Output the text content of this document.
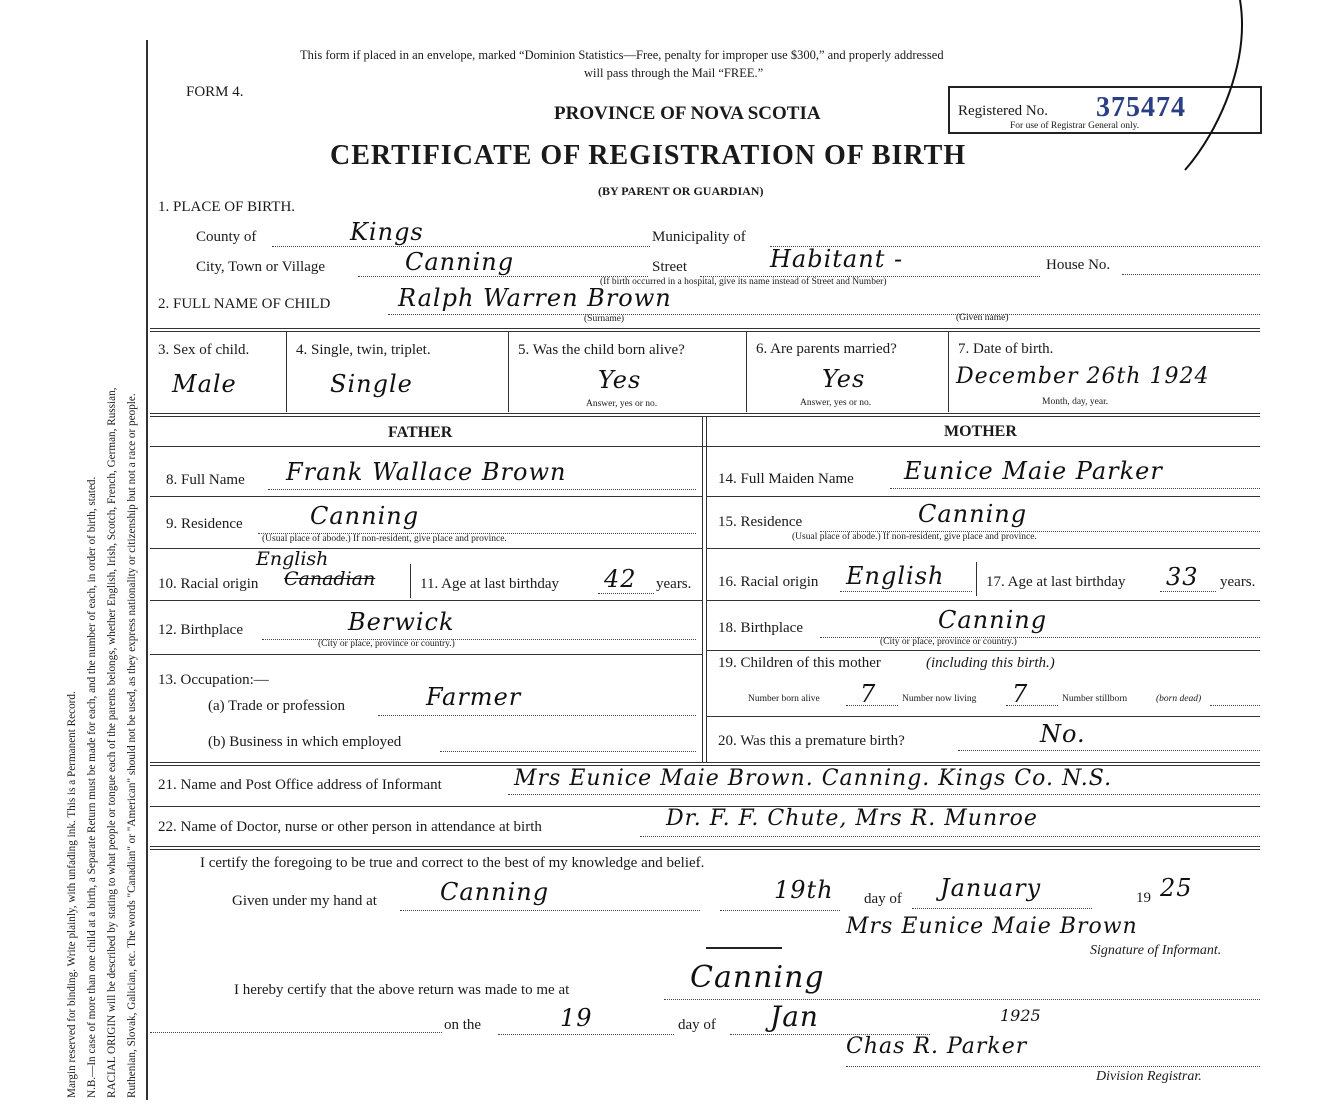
Margin reserved for binding. Write plainly, with unfading ink. This is a Permanent Record. N.B.—In case of more than one child at a birth, a Separate Return must be made for each, and the number of each, in order of birth, stated. RACIAL ORIGIN will be described by stating to what people or tongue each of the parents belongs, whether English, Irish, Scotch, French, German, Russian, Ruthenian, Slovak, Galician, etc. The words "Canadian" or "American" should not be used, as they express nationality or citizenship but not a race or people.
This form if placed in an envelope, marked “Dominion Statistics—Free, penalty for improper use $300,” and properly addressed
will pass through the Mail “FREE.”
FORM 4.
PROVINCE OF NOVA SCOTIA
CERTIFICATE OF REGISTRATION OF BIRTH
(BY PARENT OR GUARDIAN)
Registered No. 375474
For use of Registrar General only.
1. PLACE OF BIRTH.
County of	Kings	Municipality of
City, Town or Village	Canning	Street	Habitant -	House No.
(If birth occurred in a hospital, give its name instead of Street and Number)
2. FULL NAME OF CHILD	Ralph Warren Brown
(Surname)	(Given name)
3. Sex of child.
Male
4. Single, twin, triplet.
Single
5. Was the child born alive?
Yes
Answer, yes or no.
6. Are parents married?
Yes
Answer, yes or no.
7. Date of birth.
December 26th 1924
Month, day, year.
FATHER	MOTHER
8. Full Name Frank Wallace Brown
9. Residence	Canning
(Usual place of abode.) If non-resident, give place and province.
10. Racial origin
English
Canadian	11. Age at last birthday 42 years.
12. Birthplace	Berwick
(City or place, province or country.)
13. Occupation:—
(a) Trade or profession	Farmer
(b) Business in which employed
14. Full Maiden Name Eunice Maie Parker
15. Residence	Canning
(Usual place of abode.) If non-resident, give place and province.
16. Racial origin English	17. Age at last birthday 33 years.
18. Birthplace	Canning
(City or place, province or country.)
19. Children of this mother	(including this birth.)
Number born alive 7	Number now living 7	Number stillborn	(born dead)
20. Was this a premature birth?	No.
21. Name and Post Office address of Informant	Mrs Eunice Maie Brown. Canning. Kings Co. N.S.
22. Name of Doctor, nurse or other person in attendance at birth	Dr. F. F. Chute, Mrs R. Munroe
I certify the foregoing to be true and correct to the best of my knowledge and belief.
Given under my hand at	Canning	19th day of January	19 25
Mrs Eunice Maie Brown
Signature of Informant.
I hereby certify that the above return was made to me at	Canning
on the	19	day of Jan	1925
Chas R. Parker
Division Registrar.
